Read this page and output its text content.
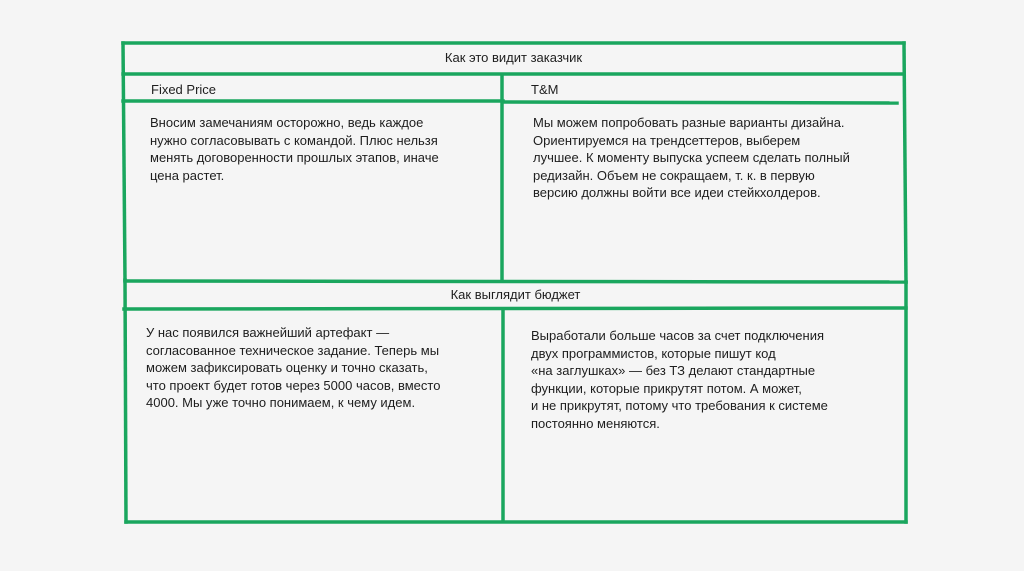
Как это видит заказчик
Fixed Price	T&M
Вносим замечаниям осторожно, ведь каждое
нужно согласовывать с командой. Плюс нельзя
менять договоренности прошлых этапов, иначе
цена растет.
Мы можем попробовать разные варианты дизайна.
Ориентируемся на трендсеттеров, выберем
лучшее. К моменту выпуска успеем сделать полный
редизайн. Объем не сокращаем, т. к. в первую
версию должны войти все идеи стейкхолдеров.
Как выглядит бюджет
У нас появился важнейший артефакт —
согласованное техническое задание. Теперь мы
можем зафиксировать оценку и точно сказать,
что проект будет готов через 5000 часов, вместо
4000. Мы уже точно понимаем, к чему идем.
Выработали больше часов за счет подключения
двух программистов, которые пишут код
«на заглушках» — без ТЗ делают стандартные
функции, которые прикрутят потом. А может,
и не прикрутят, потому что требования к системе
постоянно меняются.
